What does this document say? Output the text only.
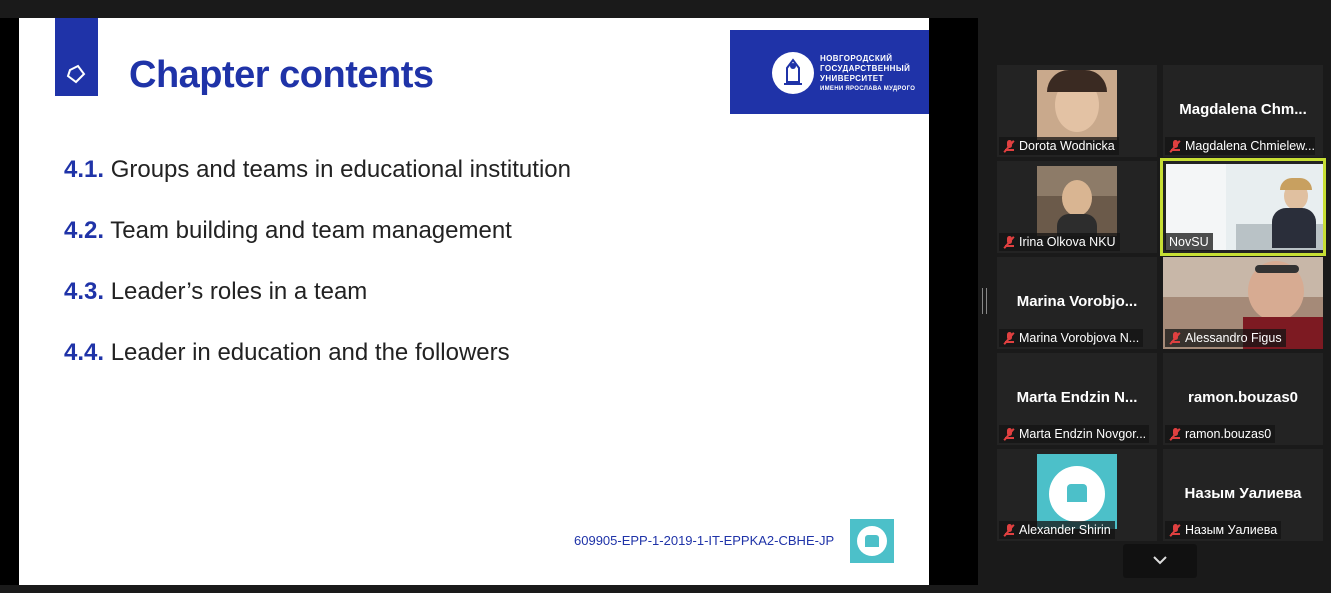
Chapter contents	НОВГОРОДСКИЙ
ГОСУДАРСТВЕННЫЙ
УНИВЕРСИТЕТ
ИМЕНИ ЯРОСЛАВА МУДРОГО
4.1. Groups and teams in educational institution
4.2. Team building and team management
4.3. Leader’s roles in a team
4.4. Leader in education and the followers
609905-EPP-1-2019-1-IT-EPPKA2-CBHE-JP
Dorota Wodnicka
Magdalena Chm...
Magdalena Chmielew...
Irina Olkova NKU	NovSU
Marina Vorobjo...
Marina Vorobjova N...	Alessandro Figus
Marta Endzin N...
Marta Endzin Novgor...
ramon.bouzas0
ramon.bouzas0
Alexander Shirin
Назым Уалиева
Назым Уалиева
